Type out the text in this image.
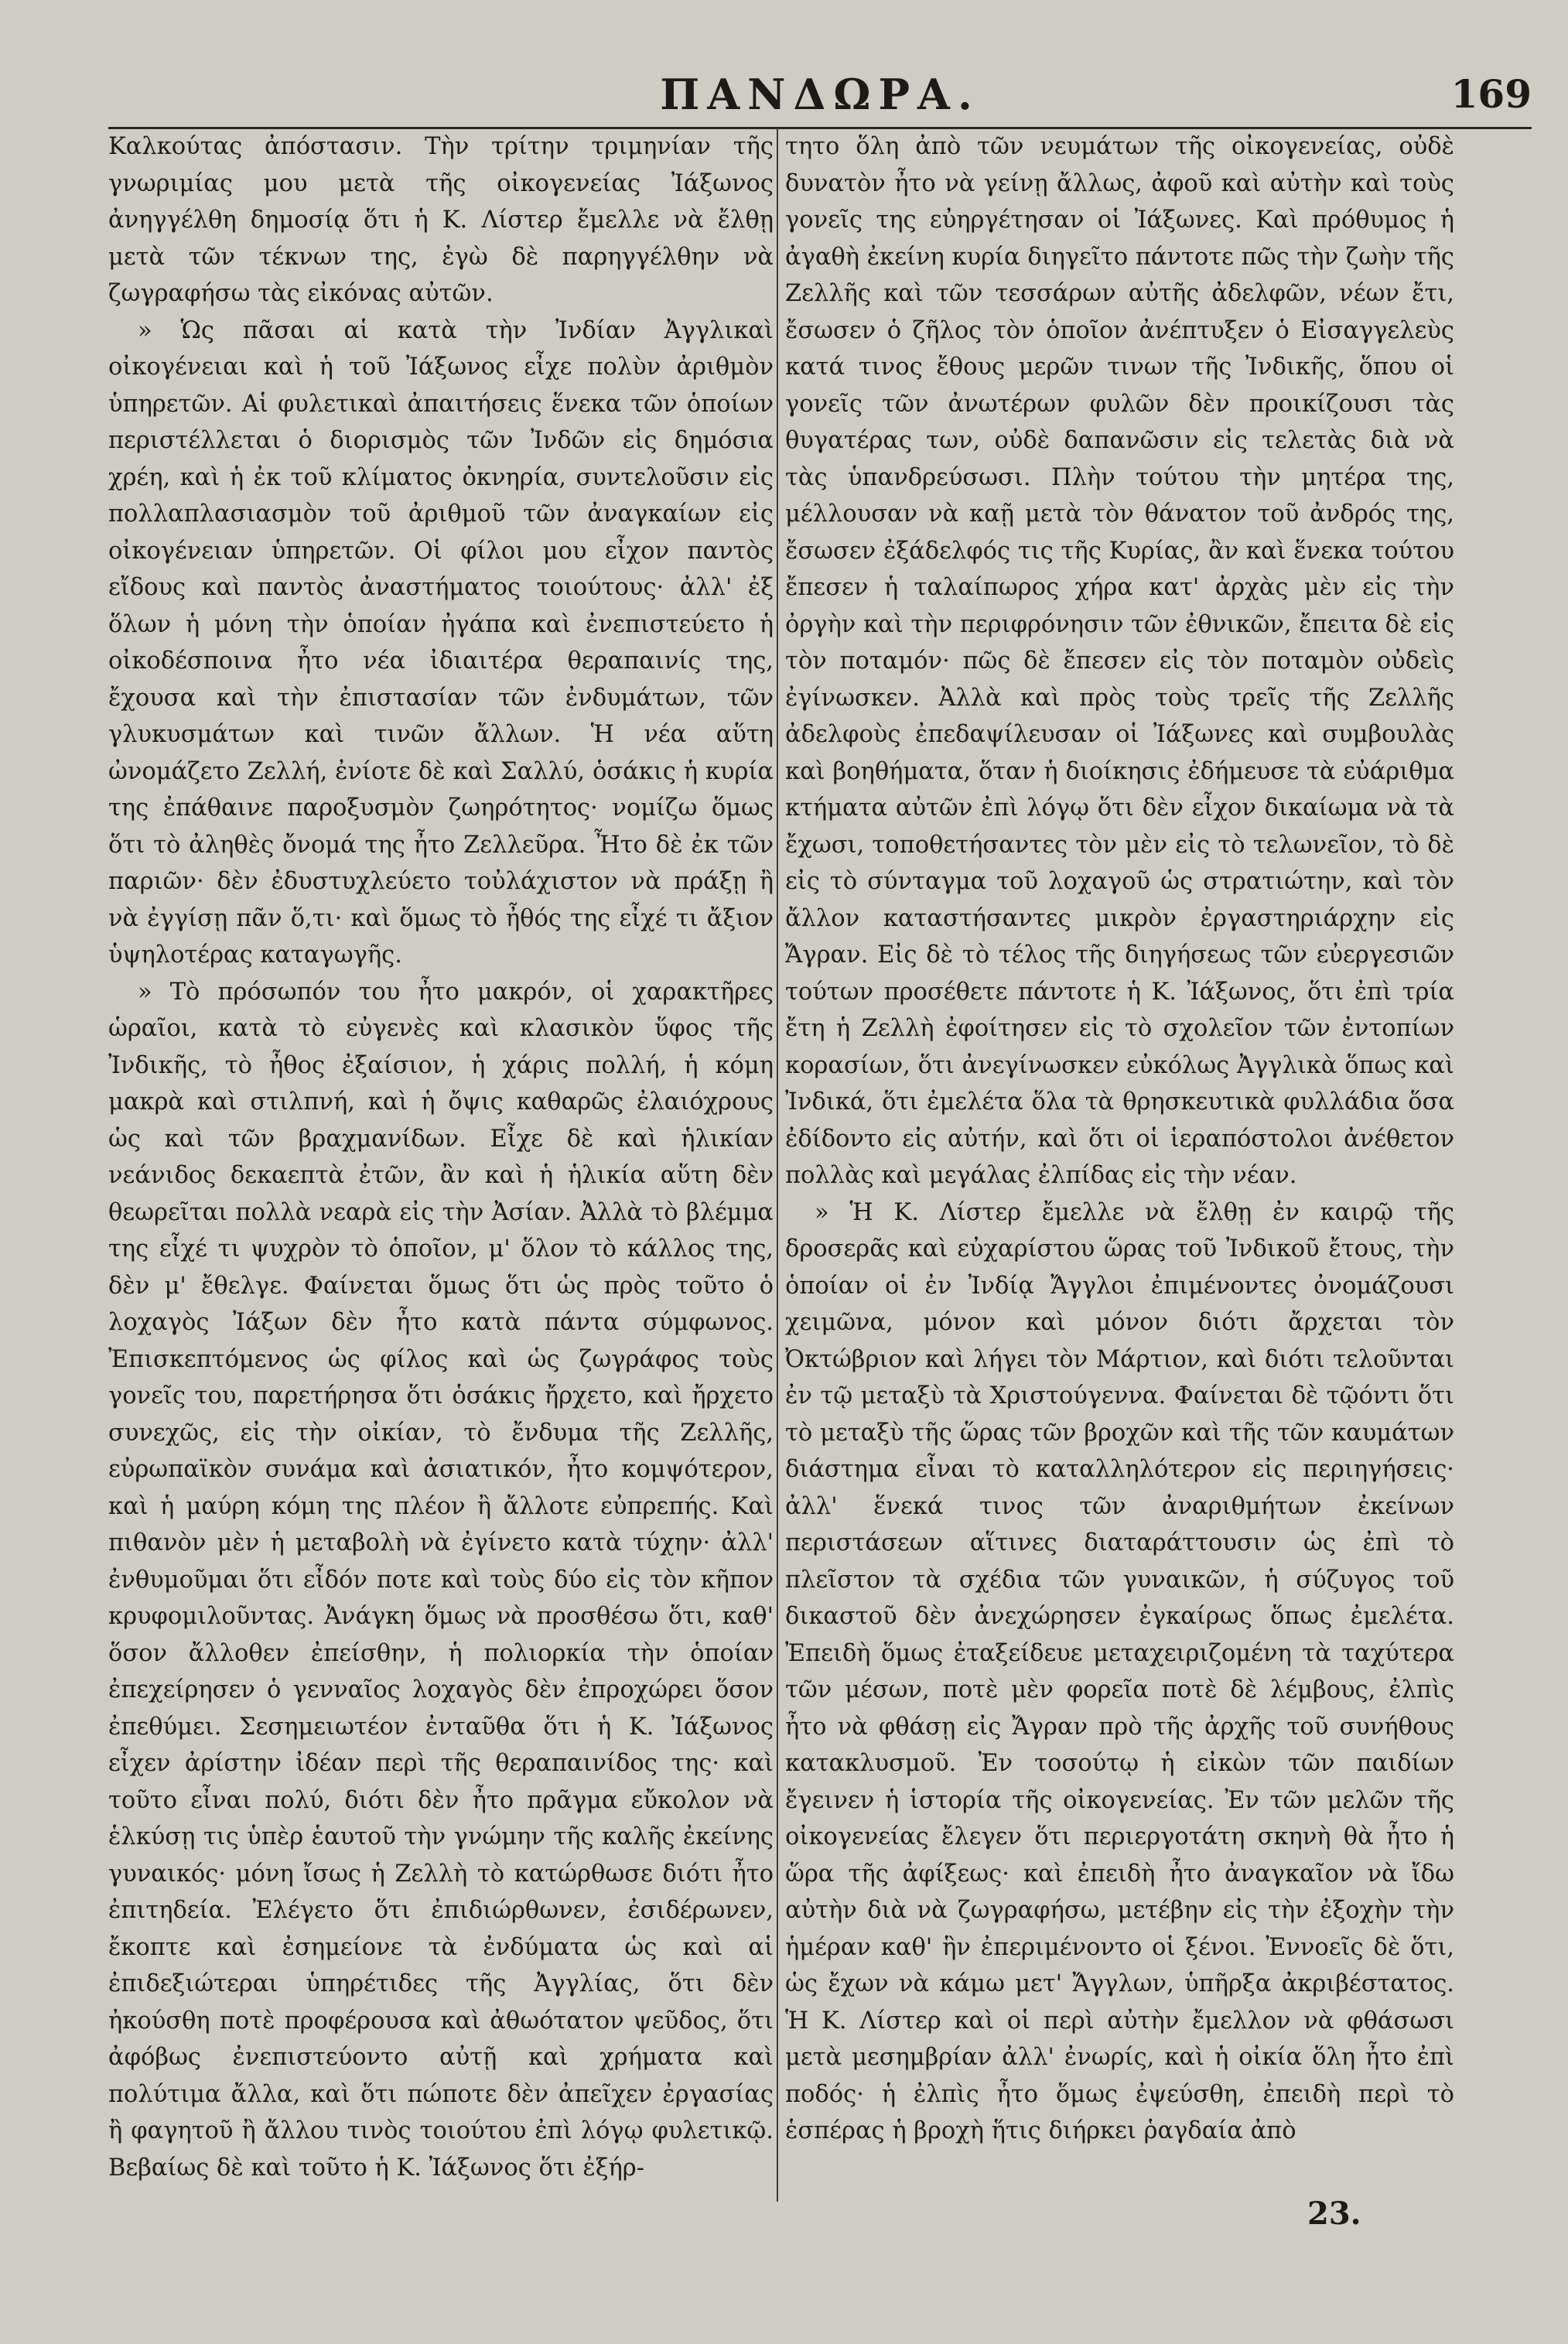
ΠΑΝΔΩΡΑ.	169

Καλκούτας ἀπόστασιν. Τὴν τρίτην τριμηνίαν τῆς γνωριμίας μου μετὰ τῆς οἰκογενείας Ἰάξωνος ἀνηγγέλθη δημοσίᾳ ὅτι ἡ Κ. Λίστερ ἔμελλε νὰ ἔλθῃ μετὰ τῶν τέκνων της, ἐγὼ δὲ παρηγγέλθην νὰ ζωγραφήσω τὰς εἰκόνας αὐτῶν.

» Ὡς πᾶσαι αἱ κατὰ τὴν Ἰνδίαν Ἀγγλικαὶ οἰκογένειαι καὶ ἡ τοῦ Ἰάξωνος εἶχε πολὺν ἀριθμὸν ὑπηρετῶν. Αἱ φυλετικαὶ ἀπαιτήσεις ἕνεκα τῶν ὁποίων περιστέλλεται ὁ διορισμὸς τῶν Ἰνδῶν εἰς δημόσια χρέη, καὶ ἡ ἐκ τοῦ κλίματος ὀκνηρία, συντελοῦσιν εἰς πολλαπλασιασμὸν τοῦ ἀριθμοῦ τῶν ἀναγκαίων εἰς οἰκογένειαν ὑπηρετῶν. Οἱ φίλοι μου εἶχον παντὸς εἴδους καὶ παντὸς ἀναστήματος τοιούτους· ἀλλ' ἐξ ὅλων ἡ μόνη τὴν ὁποίαν ἠγάπα καὶ ἐνεπιστεύετο ἡ οἰκοδέσποινα ἦτο νέα ἰδιαιτέρα θεραπαινίς της, ἔχουσα καὶ τὴν ἐπιστασίαν τῶν ἐνδυμάτων, τῶν γλυκυσμάτων καὶ τινῶν ἄλλων. Ἡ νέα αὕτη ὠνομάζετο Ζελλή, ἐνίοτε δὲ καὶ Σαλλύ, ὁσάκις ἡ κυρία της ἐπάθαινε παροξυσμὸν ζωηρότητος· νομίζω ὅμως ὅτι τὸ ἀληθὲς ὄνομά της ἦτο Ζελλεῦρα. Ἦτο δὲ ἐκ τῶν παριῶν· δὲν ἐδυστυχλεύετο τοὐλάχιστον νὰ πράξῃ ἢ νὰ ἐγγίσῃ πᾶν ὅ,τι· καὶ ὅμως τὸ ἦθός της εἶχέ τι ἄξιον ὑψηλοτέρας καταγωγῆς.

» Τὸ πρόσωπόν του ἦτο μακρόν, οἱ χαρακτῆρες ὡραῖοι, κατὰ τὸ εὐγενὲς καὶ κλασικὸν ὕφος τῆς Ἰνδικῆς, τὸ ἦθος ἐξαίσιον, ἡ χάρις πολλή, ἡ κόμη μακρὰ καὶ στιλπνή, καὶ ἡ ὄψις καθαρῶς ἐλαιόχρους ὡς καὶ τῶν βραχμανίδων. Εἶχε δὲ καὶ ἡλικίαν νεάνιδος δεκαεπτὰ ἐτῶν, ἂν καὶ ἡ ἡλικία αὕτη δὲν θεωρεῖται πολλὰ νεαρὰ εἰς τὴν Ἀσίαν. Ἀλλὰ τὸ βλέμμα της εἶχέ τι ψυχρὸν τὸ ὁποῖον, μ' ὅλον τὸ κάλλος της, δὲν μ' ἔθελγε. Φαίνεται ὅμως ὅτι ὡς πρὸς τοῦτο ὁ λοχαγὸς Ἰάξων δὲν ἦτο κατὰ πάντα σύμφωνος. Ἐπισκεπτόμενος ὡς φίλος καὶ ὡς ζωγράφος τοὺς γονεῖς του, παρετήρησα ὅτι ὁσάκις ἤρχετο, καὶ ἤρχετο συνεχῶς, εἰς τὴν οἰκίαν, τὸ ἔνδυμα τῆς Ζελλῆς, εὐρωπαϊκὸν συνάμα καὶ ἀσιατικόν, ἦτο κομψότερον, καὶ ἡ μαύρη κόμη της πλέον ἢ ἄλλοτε εὐπρεπής. Καὶ πιθανὸν μὲν ἡ μεταβολὴ νὰ ἐγίνετο κατὰ τύχην· ἀλλ' ἐνθυμοῦμαι ὅτι εἶδόν ποτε καὶ τοὺς δύο εἰς τὸν κῆπον κρυφομιλοῦντας. Ἀνάγκη ὅμως νὰ προσθέσω ὅτι, καθ' ὅσον ἄλλοθεν ἐπείσθην, ἡ πολιορκία τὴν ὁποίαν ἐπεχείρησεν ὁ γενναῖος λοχαγὸς δὲν ἐπροχώρει ὅσον ἐπεθύμει. Σεσημειωτέον ἐνταῦθα ὅτι ἡ Κ. Ἰάξωνος εἶχεν ἀρίστην ἰδέαν περὶ τῆς θεραπαινίδος της· καὶ τοῦτο εἶναι πολύ, διότι δὲν ἦτο πρᾶγμα εὔκολον νὰ ἑλκύσῃ τις ὑπὲρ ἑαυτοῦ τὴν γνώμην τῆς καλῆς ἐκείνης γυναικός· μόνη ἴσως ἡ Ζελλὴ τὸ κατώρθωσε διότι ἦτο ἐπιτηδεία. Ἐλέγετο ὅτι ἐπιδιώρθωνεν, ἐσιδέρωνεν, ἔκοπτε καὶ ἐσημείονε τὰ ἐνδύματα ὡς καὶ αἱ ἐπιδεξιώτεραι ὑπηρέτιδες τῆς Ἀγγλίας, ὅτι δὲν ἠκούσθη ποτὲ προφέρουσα καὶ ἀθωότατον ψεῦδος, ὅτι ἀφόβως ἐνεπιστεύοντο αὐτῇ καὶ χρήματα καὶ πολύτιμα ἄλλα, καὶ ὅτι πώποτε δὲν ἀπεῖχεν ἐργασίας ἢ φαγητοῦ ἢ ἄλλου τινὸς τοιούτου ἐπὶ λόγῳ φυλετικῷ. Βεβαίως δὲ καὶ τοῦτο ἡ Κ. Ἰάξωνος ὅτι ἐξήρ-

τητο ὅλη ἀπὸ τῶν νευμάτων τῆς οἰκογενείας, οὐδὲ δυνατὸν ἦτο νὰ γείνῃ ἄλλως, ἀφοῦ καὶ αὐτὴν καὶ τοὺς γονεῖς της εὐηργέτησαν οἱ Ἰάξωνες. Καὶ πρόθυμος ἡ ἀγαθὴ ἐκείνη κυρία διηγεῖτο πάντοτε πῶς τὴν ζωὴν τῆς Ζελλῆς καὶ τῶν τεσσάρων αὐτῆς ἀδελφῶν, νέων ἔτι, ἔσωσεν ὁ ζῆλος τὸν ὁποῖον ἀνέπτυξεν ὁ Εἰσαγγελεὺς κατά τινος ἔθους μερῶν τινων τῆς Ἰνδικῆς, ὅπου οἱ γονεῖς τῶν ἀνωτέρων φυλῶν δὲν προικίζουσι τὰς θυγατέρας των, οὐδὲ δαπανῶσιν εἰς τελετὰς διὰ νὰ τὰς ὑπανδρεύσωσι. Πλὴν τούτου τὴν μητέρα της, μέλλουσαν νὰ καῇ μετὰ τὸν θάνατον τοῦ ἀνδρός της, ἔσωσεν ἐξάδελφός τις τῆς Κυρίας, ἂν καὶ ἕνεκα τούτου ἔπεσεν ἡ ταλαίπωρος χήρα κατ' ἀρχὰς μὲν εἰς τὴν ὀργὴν καὶ τὴν περιφρόνησιν τῶν ἐθνικῶν, ἔπειτα δὲ εἰς τὸν ποταμόν· πῶς δὲ ἔπεσεν εἰς τὸν ποταμὸν οὐδεὶς ἐγίνωσκεν. Ἀλλὰ καὶ πρὸς τοὺς τρεῖς τῆς Ζελλῆς ἀδελφοὺς ἐπεδαψίλευσαν οἱ Ἰάξωνες καὶ συμβουλὰς καὶ βοηθήματα, ὅταν ἡ διοίκησις ἐδήμευσε τὰ εὐάριθμα κτήματα αὐτῶν ἐπὶ λόγῳ ὅτι δὲν εἶχον δικαίωμα νὰ τὰ ἔχωσι, τοποθετήσαντες τὸν μὲν εἰς τὸ τελωνεῖον, τὸ δὲ εἰς τὸ σύνταγμα τοῦ λοχαγοῦ ὡς στρατιώτην, καὶ τὸν ἄλλον καταστήσαντες μικρὸν ἐργαστηριάρχην εἰς Ἄγραν. Εἰς δὲ τὸ τέλος τῆς διηγήσεως τῶν εὐεργεσιῶν τούτων προσέθετε πάντοτε ἡ Κ. Ἰάξωνος, ὅτι ἐπὶ τρία ἔτη ἡ Ζελλὴ ἐφοίτησεν εἰς τὸ σχολεῖον τῶν ἐντοπίων κορασίων, ὅτι ἀνεγίνωσκεν εὐκόλως Ἀγγλικὰ ὅπως καὶ Ἰνδικά, ὅτι ἐμελέτα ὅλα τὰ θρησκευτικὰ φυλλάδια ὅσα ἐδίδοντο εἰς αὐτήν, καὶ ὅτι οἱ ἱεραπόστολοι ἀνέθετον πολλὰς καὶ μεγάλας ἐλπίδας εἰς τὴν νέαν.

» Ἡ Κ. Λίστερ ἔμελλε νὰ ἔλθῃ ἐν καιρῷ τῆς δροσερᾶς καὶ εὐχαρίστου ὥρας τοῦ Ἰνδικοῦ ἔτους, τὴν ὁποίαν οἱ ἐν Ἰνδίᾳ Ἄγγλοι ἐπιμένοντες ὀνομάζουσι χειμῶνα, μόνον καὶ μόνον διότι ἄρχεται τὸν Ὀκτώβριον καὶ λήγει τὸν Μάρτιον, καὶ διότι τελοῦνται ἐν τῷ μεταξὺ τὰ Χριστούγεννα. Φαίνεται δὲ τῷόντι ὅτι τὸ μεταξὺ τῆς ὥρας τῶν βροχῶν καὶ τῆς τῶν καυμάτων διάστημα εἶναι τὸ καταλληλότερον εἰς περιηγήσεις· ἀλλ' ἕνεκά τινος τῶν ἀναριθμήτων ἐκείνων περιστάσεων αἵτινες διαταράττουσιν ὡς ἐπὶ τὸ πλεῖστον τὰ σχέδια τῶν γυναικῶν, ἡ σύζυγος τοῦ δικαστοῦ δὲν ἀνεχώρησεν ἐγκαίρως ὅπως ἐμελέτα. Ἐπειδὴ ὅμως ἐταξείδευε μεταχειριζομένη τὰ ταχύτερα τῶν μέσων, ποτὲ μὲν φορεῖα ποτὲ δὲ λέμβους, ἐλπὶς ἦτο νὰ φθάσῃ εἰς Ἄγραν πρὸ τῆς ἀρχῆς τοῦ συνήθους κατακλυσμοῦ. Ἐν τοσούτῳ ἡ εἰκὼν τῶν παιδίων ἔγεινεν ἡ ἱστορία τῆς οἰκογενείας. Ἐν τῶν μελῶν τῆς οἰκογενείας ἔλεγεν ὅτι περιεργοτάτη σκηνὴ θὰ ἦτο ἡ ὥρα τῆς ἀφίξεως· καὶ ἐπειδὴ ἦτο ἀναγκαῖον νὰ ἴδω αὐτὴν διὰ νὰ ζωγραφήσω, μετέβην εἰς τὴν ἐξοχὴν τὴν ἡμέραν καθ' ἣν ἐπεριμένοντο οἱ ξένοι. Ἐννοεῖς δὲ ὅτι, ὡς ἔχων νὰ κάμω μετ' Ἄγγλων, ὑπῆρξα ἀκριβέστατος. Ἡ Κ. Λίστερ καὶ οἱ περὶ αὐτὴν ἔμελλον νὰ φθάσωσι μετὰ μεσημβρίαν ἀλλ' ἐνωρίς, καὶ ἡ οἰκία ὅλη ἦτο ἐπὶ ποδός· ἡ ἐλπὶς ἦτο ὅμως ἐψεύσθη, ἐπειδὴ περὶ τὸ ἑσπέρας ἡ βροχὴ ἥτις διήρκει ῥαγδαία ἀπὸ

23.
